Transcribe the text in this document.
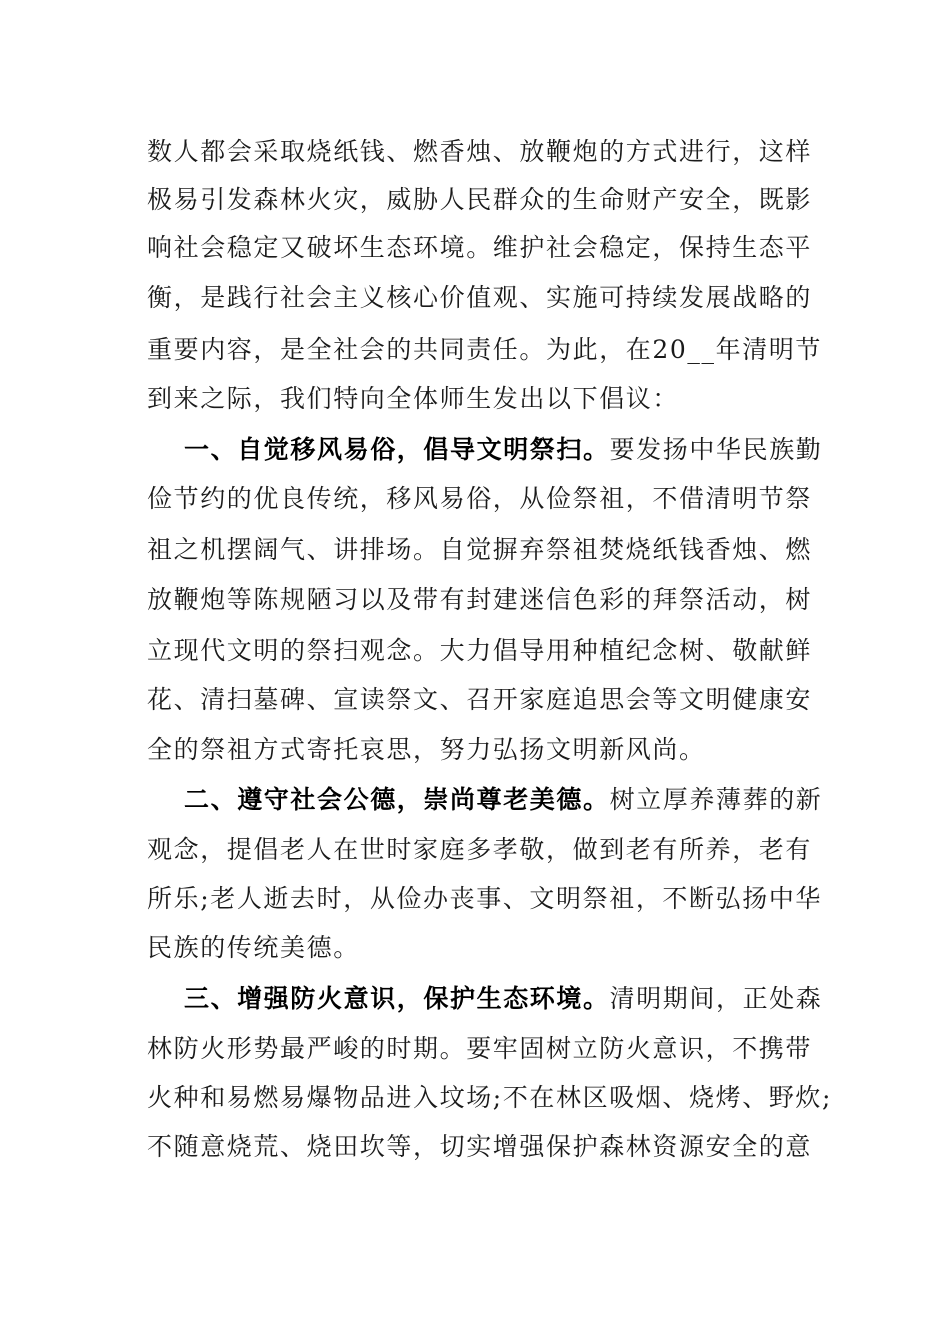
数人都会采取烧纸钱、燃香烛、放鞭炮的方式进行，这样
极易引发森林火灾，威胁人民群众的生命财产安全，既影
响社会稳定又破坏生态环境。维护社会稳定，保持生态平
衡，是践行社会主义核心价值观、实施可持续发展战略的
重要内容，是全社会的共同责任。为此，在20__年清明节
到来之际，我们特向全体师生发出以下倡议：
一、自觉移风易俗，倡导文明祭扫。要发扬中华民族勤
俭节约的优良传统，移风易俗，从俭祭祖，不借清明节祭
祖之机摆阔气、讲排场。自觉摒弃祭祖焚烧纸钱香烛、燃
放鞭炮等陈规陋习以及带有封建迷信色彩的拜祭活动，树
立现代文明的祭扫观念。大力倡导用种植纪念树、敬献鲜
花、清扫墓碑、宣读祭文、召开家庭追思会等文明健康安
全的祭祖方式寄托哀思，努力弘扬文明新风尚。
二、遵守社会公德，崇尚尊老美德。树立厚养薄葬的新
观念，提倡老人在世时家庭多孝敬，做到老有所养，老有
所乐;老人逝去时，从俭办丧事、文明祭祖，不断弘扬中华
民族的传统美德。
三、增强防火意识，保护生态环境。清明期间，正处森
林防火形势最严峻的时期。要牢固树立防火意识，不携带
火种和易燃易爆物品进入坟场;不在林区吸烟、烧烤、野炊;
不随意烧荒、烧田坎等，切实增强保护森林资源安全的意
